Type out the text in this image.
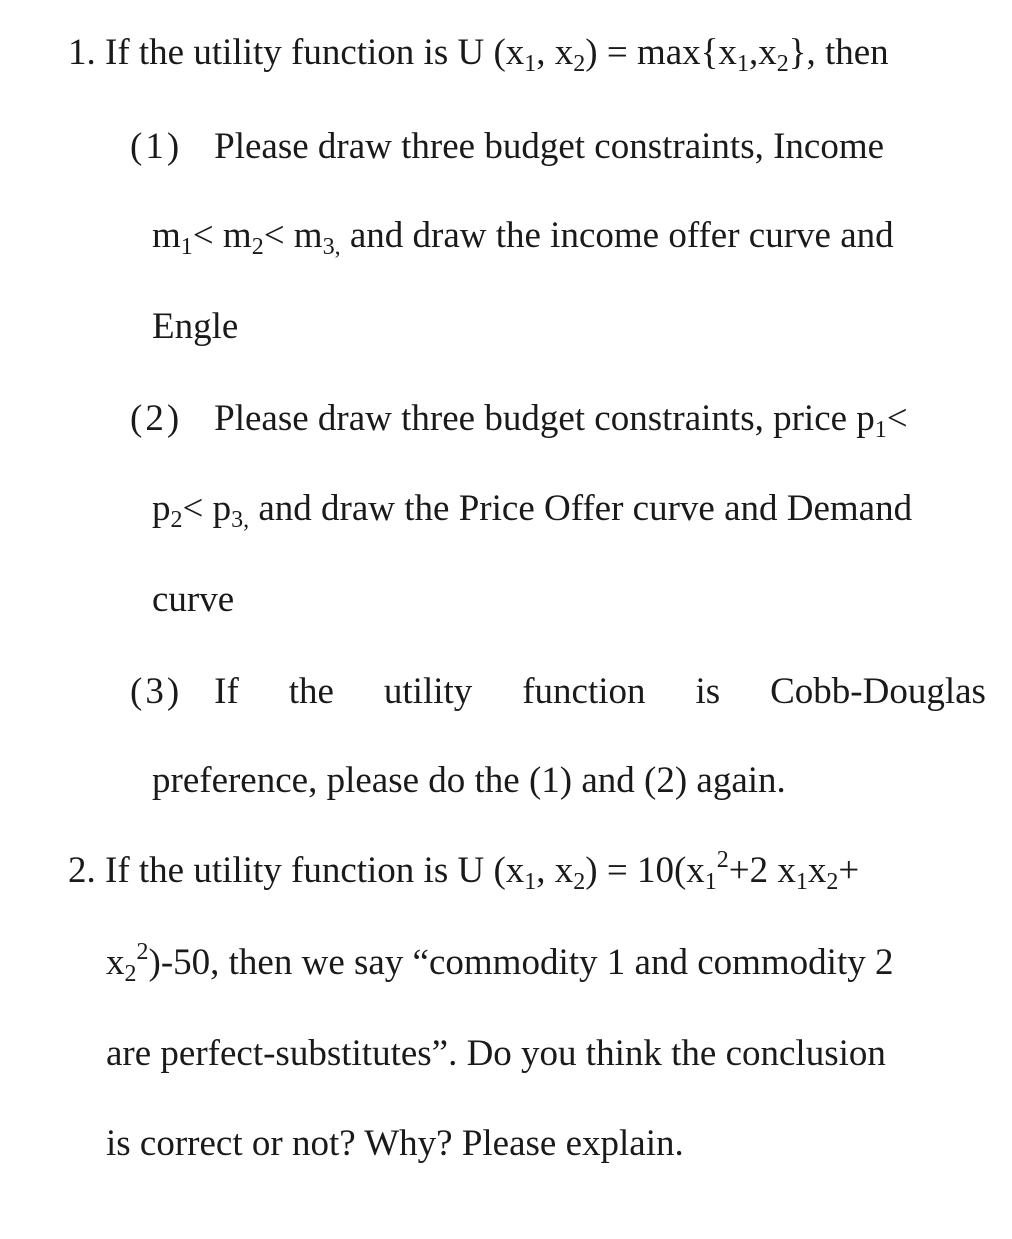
1. If the utility function is U ($x_1$, $x_2) = \max\{x_1,x_2\}$, then
(1) Please draw three budget constraints, Income
$m_1< m_2< m_{3,}$ and draw the income offer curve and
Engle
(2) Please draw three budget constraints, price $p_1<$
$p_2< p_{3,}$ and draw the Price Offer curve and Demand
curve
(3) If the utility function is Cobb-Douglas
preference, please do the (1) and (2) again.
2. If the utility function is U ($x_1$, $x_2) = 10(x_1^2+2$ $x_1x_2+$
$x_2^2)-50$, then we say “commodity 1 and commodity 2
are perfect-substitutes”. Do you think the conclusion
is correct or not? Why? Please explain.
